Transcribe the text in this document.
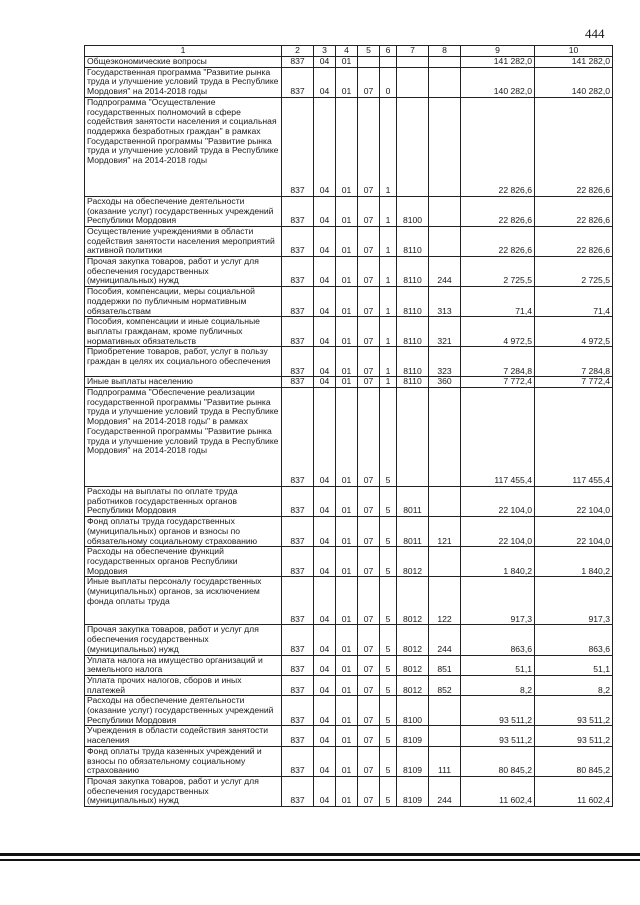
444
1	2	3	4	5	6	7	8	9	10
Общеэкономические вопросы	837	04	01					141 282,0	141 282,0
Государственная программа "Развитие рынка труда и улучшение условий труда в Республике Мордовия" на 2014-2018 годы	837	04	01	07	0			140 282,0	140 282,0
Подпрограмма "Осуществление государственных полномочий в сфере содействия занятости населения и социальная поддержка безработных граждан" в рамках Государственной программы "Развитие рынка труда и улучшение условий труда в Республике Мордовия" на 2014-2018 годы	837	04	01	07	1			22 826,6	22 826,6
Расходы на обеспечение деятельности (оказание услуг) государственных учреждений Республики Мордовия	837	04	01	07	1	8100		22 826,6	22 826,6
Осуществление учреждениями в области содействия занятости населения мероприятий активной политики	837	04	01	07	1	8110		22 826,6	22 826,6
Прочая закупка товаров, работ и услуг для обеспечения государственных (муниципальных) нужд	837	04	01	07	1	8110	244	2 725,5	2 725,5
Пособия, компенсации, меры социальной поддержки по публичным нормативным обязательствам	837	04	01	07	1	8110	313	71,4	71,4
Пособия, компенсации и иные социальные выплаты гражданам, кроме публичных нормативных обязательств	837	04	01	07	1	8110	321	4 972,5	4 972,5
Приобретение товаров, работ, услуг в пользу граждан в целях их социального обеспечения	837	04	01	07	1	8110	323	7 284,8	7 284,8
Иные выплаты населению	837	04	01	07	1	8110	360	7 772,4	7 772,4
Подпрограмма "Обеспечение реализации государственной программы "Развитие рынка труда и улучшение условий труда в Республике Мордовия" на 2014-2018 годы" в рамках Государственной программы "Развитие рынка труда и улучшение условий труда в Республике Мордовия" на 2014-2018 годы	837	04	01	07	5			117 455,4	117 455,4
Расходы на выплаты по оплате труда работников государственных органов Республики Мордовия	837	04	01	07	5	8011		22 104,0	22 104,0
Фонд оплаты труда государственных (муниципальных) органов и взносы по обязательному социальному страхованию	837	04	01	07	5	8011	121	22 104,0	22 104,0
Расходы на обеспечение функций государственных органов Республики Мордовия	837	04	01	07	5	8012		1 840,2	1 840,2
Иные выплаты персоналу государственных (муниципальных) органов, за исключением фонда оплаты труда	837	04	01	07	5	8012	122	917,3	917,3
Прочая закупка товаров, работ и услуг для обеспечения государственных (муниципальных) нужд	837	04	01	07	5	8012	244	863,6	863,6
Уплата налога на имущество организаций и земельного налога	837	04	01	07	5	8012	851	51,1	51,1
Уплата прочих налогов, сборов и иных платежей	837	04	01	07	5	8012	852	8,2	8,2
Расходы на обеспечение деятельности (оказание услуг) государственных учреждений Республики Мордовия	837	04	01	07	5	8100		93 511,2	93 511,2
Учреждения в области содействия занятости населения	837	04	01	07	5	8109		93 511,2	93 511,2
Фонд оплаты труда казенных учреждений и взносы по обязательному социальному страхованию	837	04	01	07	5	8109	111	80 845,2	80 845,2
Прочая закупка товаров, работ и услуг для обеспечения государственных (муниципальных) нужд	837	04	01	07	5	8109	244	11 602,4	11 602,4
